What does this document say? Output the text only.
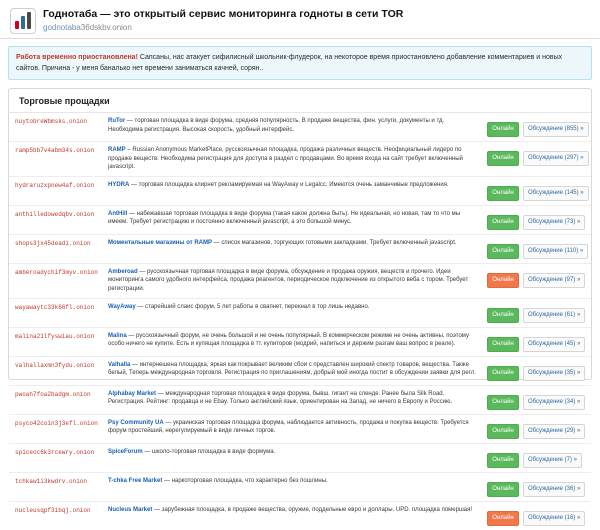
Годнотаба — это открытый сервис мониторинга годноты в сети TOR
godnotaba36dskbv.onion
Работа временно приостановлена! Сапсаны, нас атакует сифилисный школьник-флудерок, на некоторое время приостановлено добавление комментариев и новых сайтов. Причина - у меня баналько нет времени заниматься качней, сорян..
Торговые прощадки
nuytobreWbmsks.onion	RuTor — торговая площадка в виде форума, средняя популярность. В продаже вещества, фин. услуги, документы и тд. Необходима регистрация. Высокая скорость, удобный интерфейс.	Онлайн	Обсуждение (855) »

ramp5bb7v4abm34s.onion	RAMP – Russian Anonymous MarketPlace, русскоязычная площадка, продажа различных веществ. Неофициальный лидеро по продаже веществ. Необходима регистрация для доступа в раздел с продавцами. Во время входа на сайт требует включенный javascript.	Онлайн	Обсуждение (297) »

hydraruzxpnew4af.onion	HYDRA — торговая площадка клирнет рекламируемая на WayAway и Legalcc. Имеются очень заманчивые предложения.	Онлайн	Обсуждение (145) »

anthilledowedqbv.onion	AntHill — набежавшая торговая площадка в виде форума (такая какое должна быть). Не идеальная, но новая, там то что мы имеем. Требует регистрацию и постоянно включенный javascript, а это большой минус.	Онлайн	Обсуждение (73) »

shops3jx45deadi.onion	Моментальные магазины от RAMP — список магазинов, торгующих готовыми закладками. Требует включенный javascript.	Онлайн	Обсуждение (110) »

amberoadychif3myv.onion	Amberoad — русскоязычная торговая площадка в виде форума, обсуждение и продажа оружия, веществ и прочего. Идеи мониторинга самого удобного интерфейса, продажа реагентов, периодическое подключение из открытого веба с тором. Требует регистрации.	Онлайн	Обсуждение (97) »

wayawaytc33k66fl.onion	WayAway — старейший слаиc форум, 5 лет работы в свапнет, перекнал в тор лишь недавно.	Онлайн	Обсуждение (61) »

malina21lfyswiau.onion	Malina — русскоязычный форум, не очень большой и не очень популярный. В коммерческом режиме не очень активны, поэтому особо ничего не купите. Есть и купящая площадка в тт. купиторов (модрий, напиться и держим разгам ваш вопрос в реале).	Онлайн	Обсуждение (45) »

valhallaxmn3fydu.onion	Valhalla — интернешена площадка, яркая как покрывает великим сбои с представлен широкий спектр товаров, вещества. Также белый, Теперь международная торговля. Регистрация по приглашениям, добрый мой иногда постит в обсуждении заявки для регл.	Онлайн	Обсуждение (35) »

pwoah7foa2badgm.onion	Alphabay Market — международная торговая площадка в виде форума, бывш. гигант на сленде. Ранее была Silk Road. Регистрация. Рейтинг: продавца и не Ebay. Только английский язык, ориентирован на Запад, не ничего в Европу и Россию.	Онлайн	Обсуждение (34) »

psyco42coin3j3efl.onion	Psy Community UA — украинская торговая площадка форума, наблюдается активность, продажа и покупка веществ. Требуется форум простейший, нерегулируемый в виде личных торгов.	Онлайн	Обсуждение (29) »

spiceoc6k3rcewry.onion	SpiceForum — школо-торговая площадка в виде формума.	Онлайн	Обсуждение (7) »

tchkaw1i3kwdrv.onion	T-chka Free Market — наркоторговая площадка, что характерно без пошлины.	Онлайн	Обсуждение (36) »

nucleusqpf3ibqj.onion	Nucleus Market — зарубежная площадка, в продаже вещества, оружие, поддельные евро и доллары. UPD. площадка помершая!	Онлайн	Обсуждение (16) »
